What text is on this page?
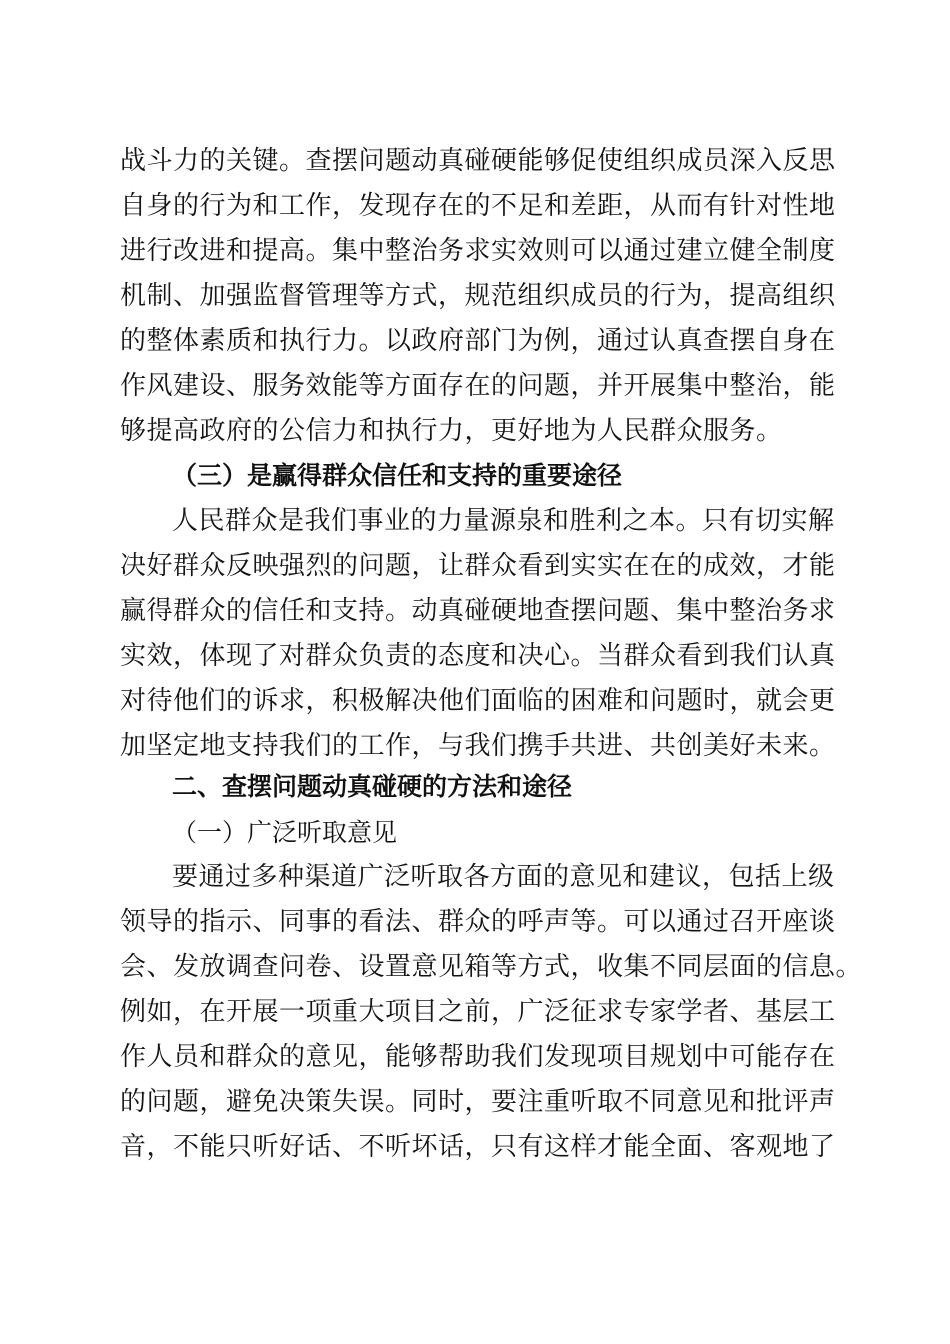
战斗力的关键。查摆问题动真碰硬能够促使组织成员深入反思
自身的行为和工作，发现存在的不足和差距，从而有针对性地
进行改进和提高。集中整治务求实效则可以通过建立健全制度
机制、加强监督管理等方式，规范组织成员的行为，提高组织
的整体素质和执行力。以政府部门为例，通过认真查摆自身在
作风建设、服务效能等方面存在的问题，并开展集中整治，能
够提高政府的公信力和执行力，更好地为人民群众服务。
（三）是赢得群众信任和支持的重要途径
人民群众是我们事业的力量源泉和胜利之本。只有切实解
决好群众反映强烈的问题，让群众看到实实在在的成效，才能
赢得群众的信任和支持。动真碰硬地查摆问题、集中整治务求
实效，体现了对群众负责的态度和决心。当群众看到我们认真
对待他们的诉求，积极解决他们面临的困难和问题时，就会更
加坚定地支持我们的工作，与我们携手共进、共创美好未来。
二、查摆问题动真碰硬的方法和途径
（一）广泛听取意见
要通过多种渠道广泛听取各方面的意见和建议，包括上级
领导的指示、同事的看法、群众的呼声等。可以通过召开座谈
会、发放调查问卷、设置意见箱等方式，收集不同层面的信息。
例如，在开展一项重大项目之前，广泛征求专家学者、基层工
作人员和群众的意见，能够帮助我们发现项目规划中可能存在
的问题，避免决策失误。同时，要注重听取不同意见和批评声
音，不能只听好话、不听坏话，只有这样才能全面、客观地了
